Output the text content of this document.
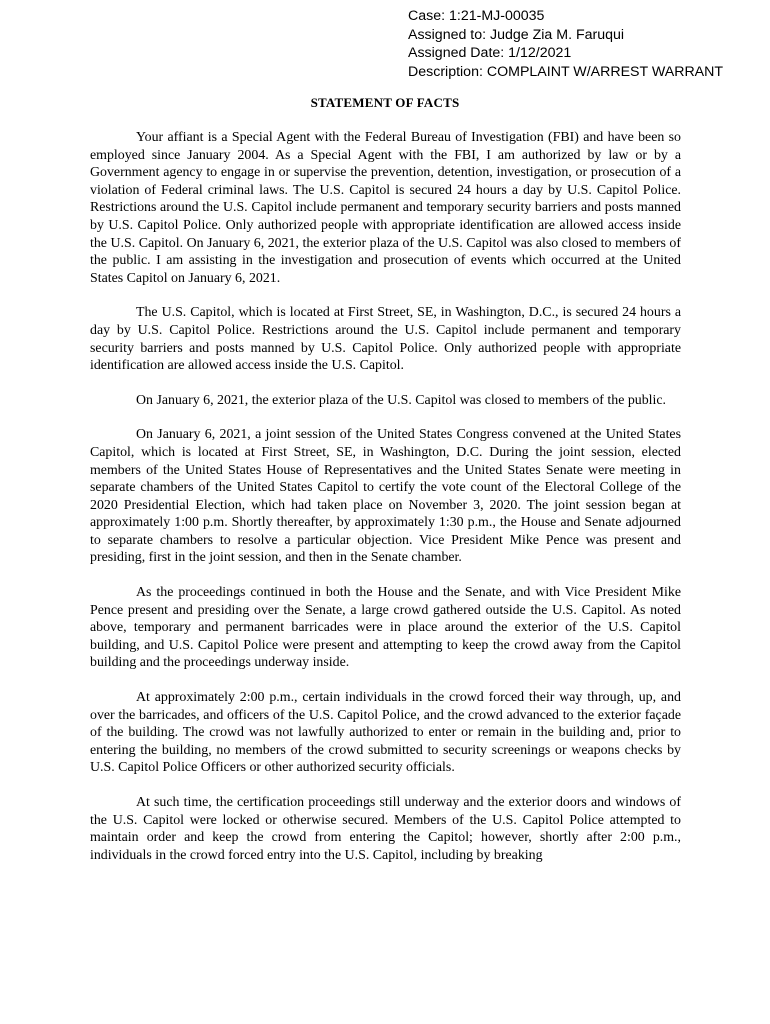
Case: 1:21-MJ-00035
Assigned to: Judge Zia M. Faruqui
Assigned Date: 1/12/2021
Description: COMPLAINT W/ARREST WARRANT
STATEMENT OF FACTS

Your affiant is a Special Agent with the Federal Bureau of Investigation (FBI) and have been so employed since January 2004. As a Special Agent with the FBI, I am authorized by law or by a Government agency to engage in or supervise the prevention, detention, investigation, or prosecution of a violation of Federal criminal laws. The U.S. Capitol is secured 24 hours a day by U.S. Capitol Police. Restrictions around the U.S. Capitol include permanent and temporary security barriers and posts manned by U.S. Capitol Police. Only authorized people with appropriate identification are allowed access inside the U.S. Capitol. On January 6, 2021, the exterior plaza of the U.S. Capitol was also closed to members of the public. I am assisting in the investigation and prosecution of events which occurred at the United States Capitol on January 6, 2021.

The U.S. Capitol, which is located at First Street, SE, in Washington, D.C., is secured 24 hours a day by U.S. Capitol Police. Restrictions around the U.S. Capitol include permanent and temporary security barriers and posts manned by U.S. Capitol Police. Only authorized people with appropriate identification are allowed access inside the U.S. Capitol.

On January 6, 2021, the exterior plaza of the U.S. Capitol was closed to members of the public.

On January 6, 2021, a joint session of the United States Congress convened at the United States Capitol, which is located at First Street, SE, in Washington, D.C. During the joint session, elected members of the United States House of Representatives and the United States Senate were meeting in separate chambers of the United States Capitol to certify the vote count of the Electoral College of the 2020 Presidential Election, which had taken place on November 3, 2020. The joint session began at approximately 1:00 p.m. Shortly thereafter, by approximately 1:30 p.m., the House and Senate adjourned to separate chambers to resolve a particular objection. Vice President Mike Pence was present and presiding, first in the joint session, and then in the Senate chamber.

As the proceedings continued in both the House and the Senate, and with Vice President Mike Pence present and presiding over the Senate, a large crowd gathered outside the U.S. Capitol. As noted above, temporary and permanent barricades were in place around the exterior of the U.S. Capitol building, and U.S. Capitol Police were present and attempting to keep the crowd away from the Capitol building and the proceedings underway inside.

At approximately 2:00 p.m., certain individuals in the crowd forced their way through, up, and over the barricades, and officers of the U.S. Capitol Police, and the crowd advanced to the exterior façade of the building. The crowd was not lawfully authorized to enter or remain in the building and, prior to entering the building, no members of the crowd submitted to security screenings or weapons checks by U.S. Capitol Police Officers or other authorized security officials.

At such time, the certification proceedings still underway and the exterior doors and windows of the U.S. Capitol were locked or otherwise secured. Members of the U.S. Capitol Police attempted to maintain order and keep the crowd from entering the Capitol; however, shortly after 2:00 p.m., individuals in the crowd forced entry into the U.S. Capitol, including by breaking
